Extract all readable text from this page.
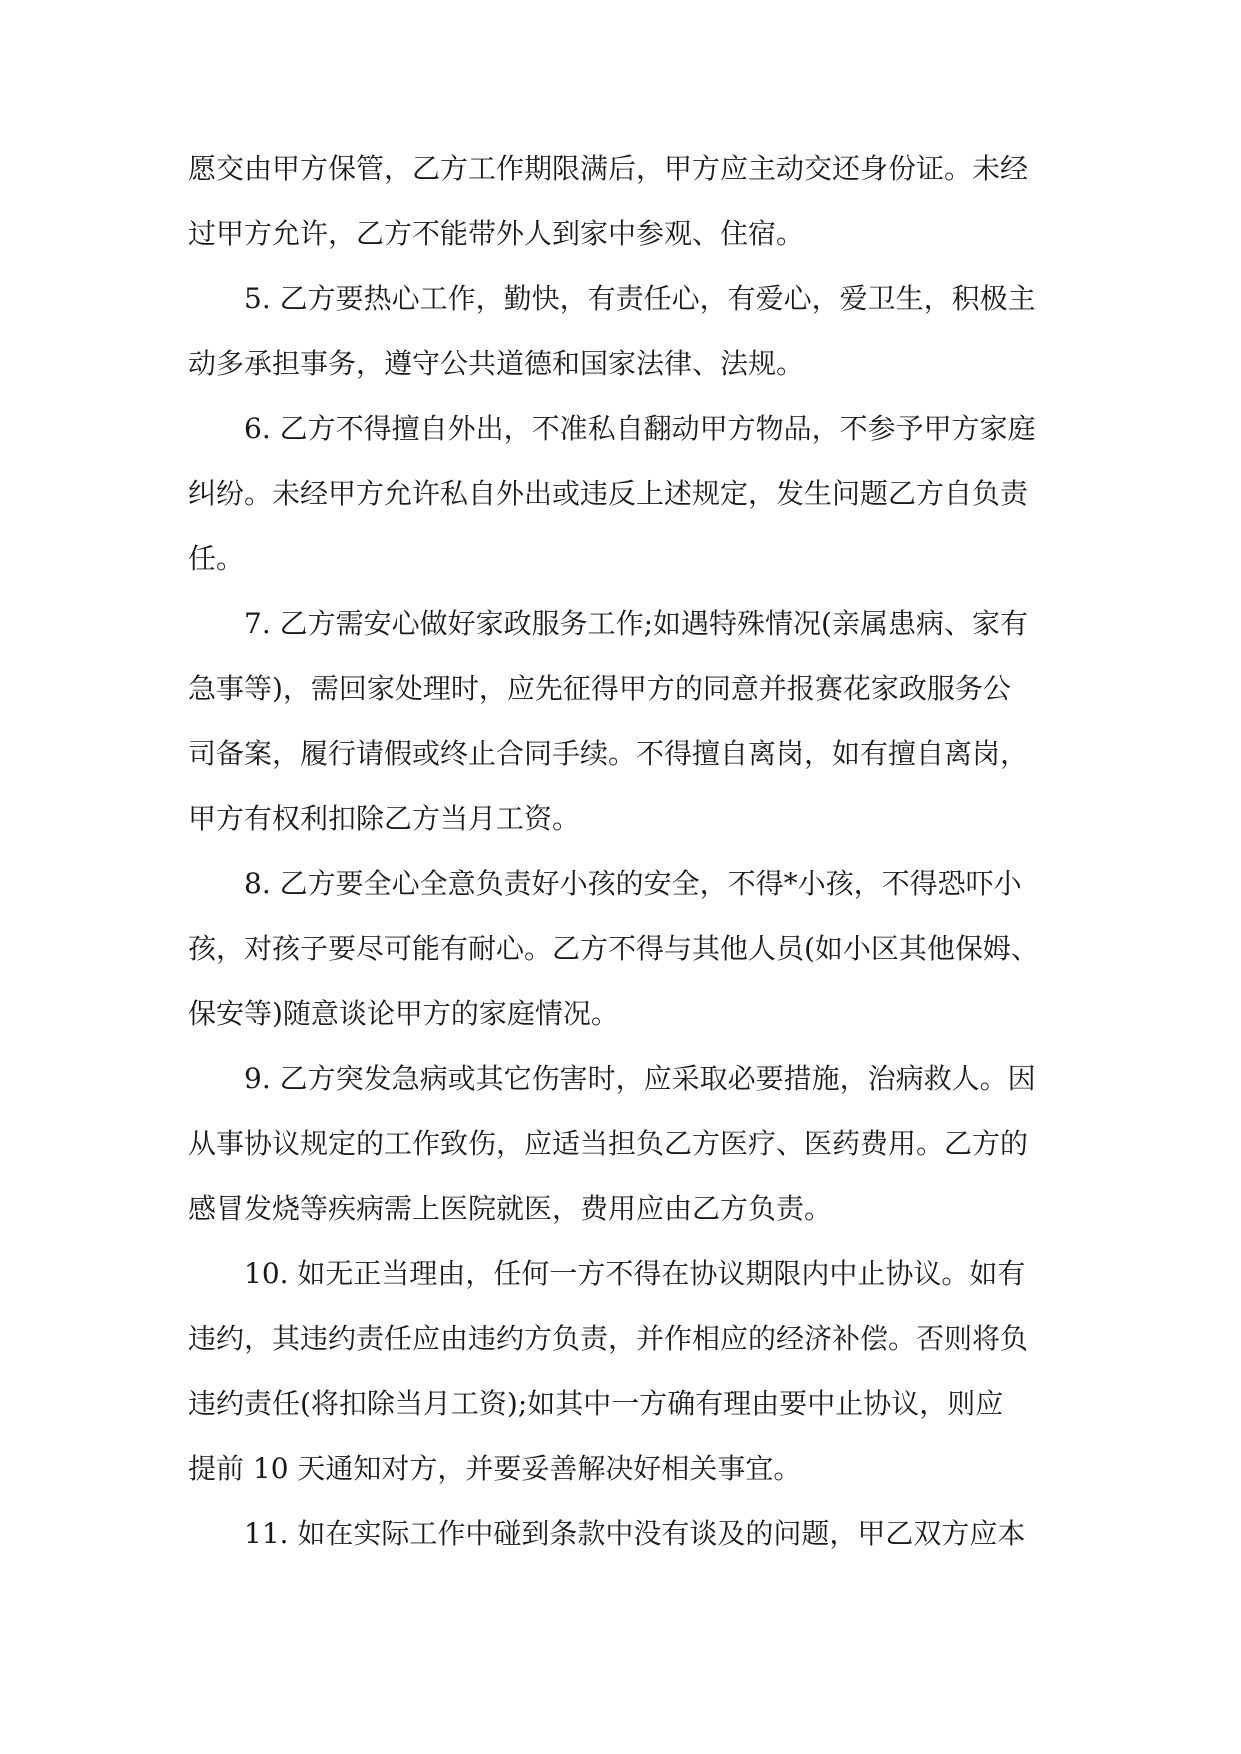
愿交由甲方保管，乙方工作期限满后，甲方应主动交还身份证。未经
过甲方允许，乙方不能带外人到家中参观、住宿。
5. 乙方要热心工作，勤快，有责任心，有爱心，爱卫生，积极主
动多承担事务，遵守公共道德和国家法律、法规。
6. 乙方不得擅自外出，不准私自翻动甲方物品，不参予甲方家庭
纠纷。未经甲方允许私自外出或违反上述规定，发生问题乙方自负责
任。
7. 乙方需安心做好家政服务工作;如遇特殊情况(亲属患病、家有
急事等)，需回家处理时，应先征得甲方的同意并报赛花家政服务公
司备案，履行请假或终止合同手续。不得擅自离岗，如有擅自离岗，
甲方有权利扣除乙方当月工资。
8. 乙方要全心全意负责好小孩的安全，不得*小孩，不得恐吓小
孩，对孩子要尽可能有耐心。乙方不得与其他人员(如小区其他保姆、
保安等)随意谈论甲方的家庭情况。
9. 乙方突发急病或其它伤害时，应采取必要措施，治病救人。因
从事协议规定的工作致伤，应适当担负乙方医疗、医药费用。乙方的
感冒发烧等疾病需上医院就医，费用应由乙方负责。
10. 如无正当理由，任何一方不得在协议期限内中止协议。如有
违约，其违约责任应由违约方负责，并作相应的经济补偿。否则将负
违约责任(将扣除当月工资);如其中一方确有理由要中止协议，则应
提前 10 天通知对方，并要妥善解决好相关事宜。
11. 如在实际工作中碰到条款中没有谈及的问题，甲乙双方应本
